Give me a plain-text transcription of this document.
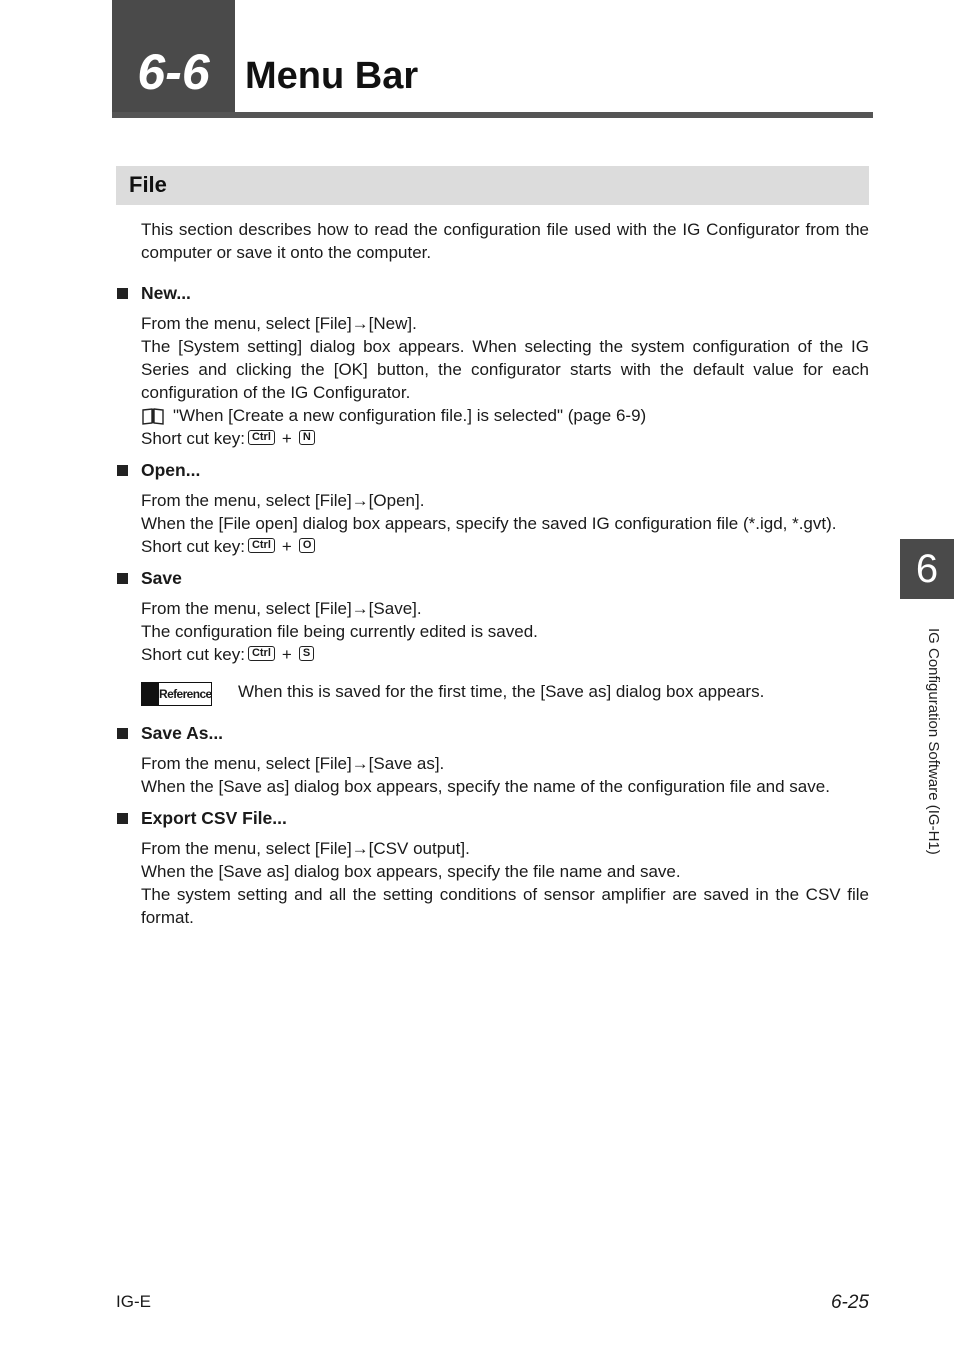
6-6 Menu Bar
File
This section describes how to read the configuration file used with the IG Configurator from the computer or save it onto the computer.
New...
From the menu, select [File]→[New].
The [System setting] dialog box appears. When selecting the system configuration of the IG Series and clicking the [OK] button, the configurator starts with the default value for each configuration of the IG Configurator.
"When [Create a new configuration file.] is selected" (page 6-9)
Short cut key: Ctrl + N
Open...
From the menu, select [File]→[Open].
When the [File open] dialog box appears, specify the saved IG configuration file (*.igd, *.gvt).
Short cut key: Ctrl + O
Save
From the menu, select [File]→[Save].
The configuration file being currently edited is saved.
Short cut key: Ctrl + S
Reference When this is saved for the first time, the [Save as] dialog box appears.
Save As...
From the menu, select [File]→[Save as].
When the [Save as] dialog box appears, specify the name of the configuration file and save.
Export CSV File...
From the menu, select [File]→[CSV output].
When the [Save as] dialog box appears, specify the file name and save.
The system setting and all the setting conditions of sensor amplifier are saved in the CSV file format.
6
IG Configuration Software (IG-H1)
IG-E	6-25
